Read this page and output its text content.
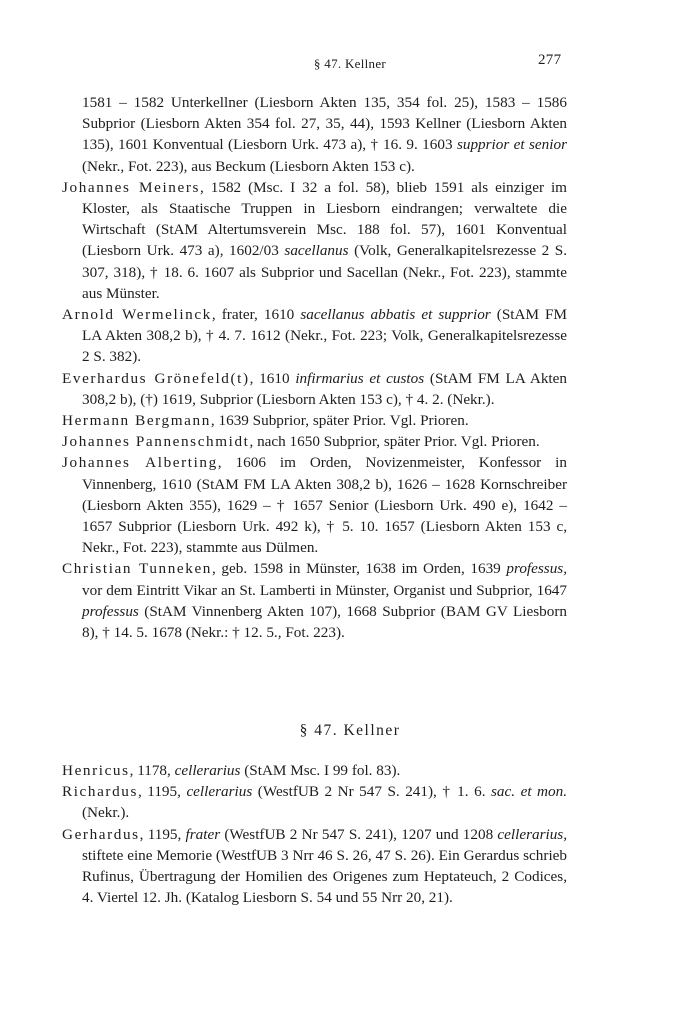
§ 47. Kellner	277

1581 – 1582 Unterkellner (Liesborn Akten 135, 354 fol. 25), 1583 – 1586 Subprior (Liesborn Akten 354 fol. 27, 35, 44), 1593 Kellner (Liesborn Akten 135), 1601 Konventual (Liesborn Urk. 473 a), † 16. 9. 1603 supprior et senior (Nekr., Fot. 223), aus Beckum (Liesborn Akten 153 c).

Johannes Meiners, 1582 (Msc. I 32 a fol. 58), blieb 1591 als einziger im Kloster, als Staatische Truppen in Liesborn eindrangen; verwaltete die Wirtschaft (StAM Altertumsverein Msc. 188 fol. 57), 1601 Konventual (Liesborn Urk. 473 a), 1602/03 sacellanus (Volk, Generalkapitelsrezesse 2 S. 307, 318), † 18. 6. 1607 als Subprior und Sacellan (Nekr., Fot. 223), stammte aus Münster.

Arnold Wermelinck, frater, 1610 sacellanus abbatis et supprior (StAM FM LA Akten 308,2 b), † 4. 7. 1612 (Nekr., Fot. 223; Volk, Generalkapitelsrezesse 2 S. 382).

Everhardus Grönefeld(t), 1610 infirmarius et custos (StAM FM LA Akten 308,2 b), (†) 1619, Subprior (Liesborn Akten 153 c), † 4. 2. (Nekr.).

Hermann Bergmann, 1639 Subprior, später Prior. Vgl. Prioren.

Johannes Pannenschmidt, nach 1650 Subprior, später Prior. Vgl. Prioren.

Johannes Alberting, 1606 im Orden, Novizenmeister, Konfessor in Vinnenberg, 1610 (StAM FM LA Akten 308,2 b), 1626 – 1628 Kornschreiber (Liesborn Akten 355), 1629 – † 1657 Senior (Liesborn Urk. 490 e), 1642 – 1657 Subprior (Liesborn Urk. 492 k), † 5. 10. 1657 (Liesborn Akten 153 c, Nekr., Fot. 223), stammte aus Dülmen.

Christian Tunneken, geb. 1598 in Münster, 1638 im Orden, 1639 professus, vor dem Eintritt Vikar an St. Lamberti in Münster, Organist und Subprior, 1647 professus (StAM Vinnenberg Akten 107), 1668 Subprior (BAM GV Liesborn 8), † 14. 5. 1678 (Nekr.: † 12. 5., Fot. 223).

§ 47. Kellner

Henricus, 1178, cellerarius (StAM Msc. I 99 fol. 83).

Richardus, 1195, cellerarius (WestfUB 2 Nr 547 S. 241), † 1. 6. sac. et mon. (Nekr.).

Gerhardus, 1195, frater (WestfUB 2 Nr 547 S. 241), 1207 und 1208 cellerarius, stiftete eine Memorie (WestfUB 3 Nrr 46 S. 26, 47 S. 26). Ein Gerardus schrieb Rufinus, Übertragung der Homilien des Origenes zum Heptateuch, 2 Codices, 4. Viertel 12. Jh. (Katalog Liesborn S. 54 und 55 Nrr 20, 21).
